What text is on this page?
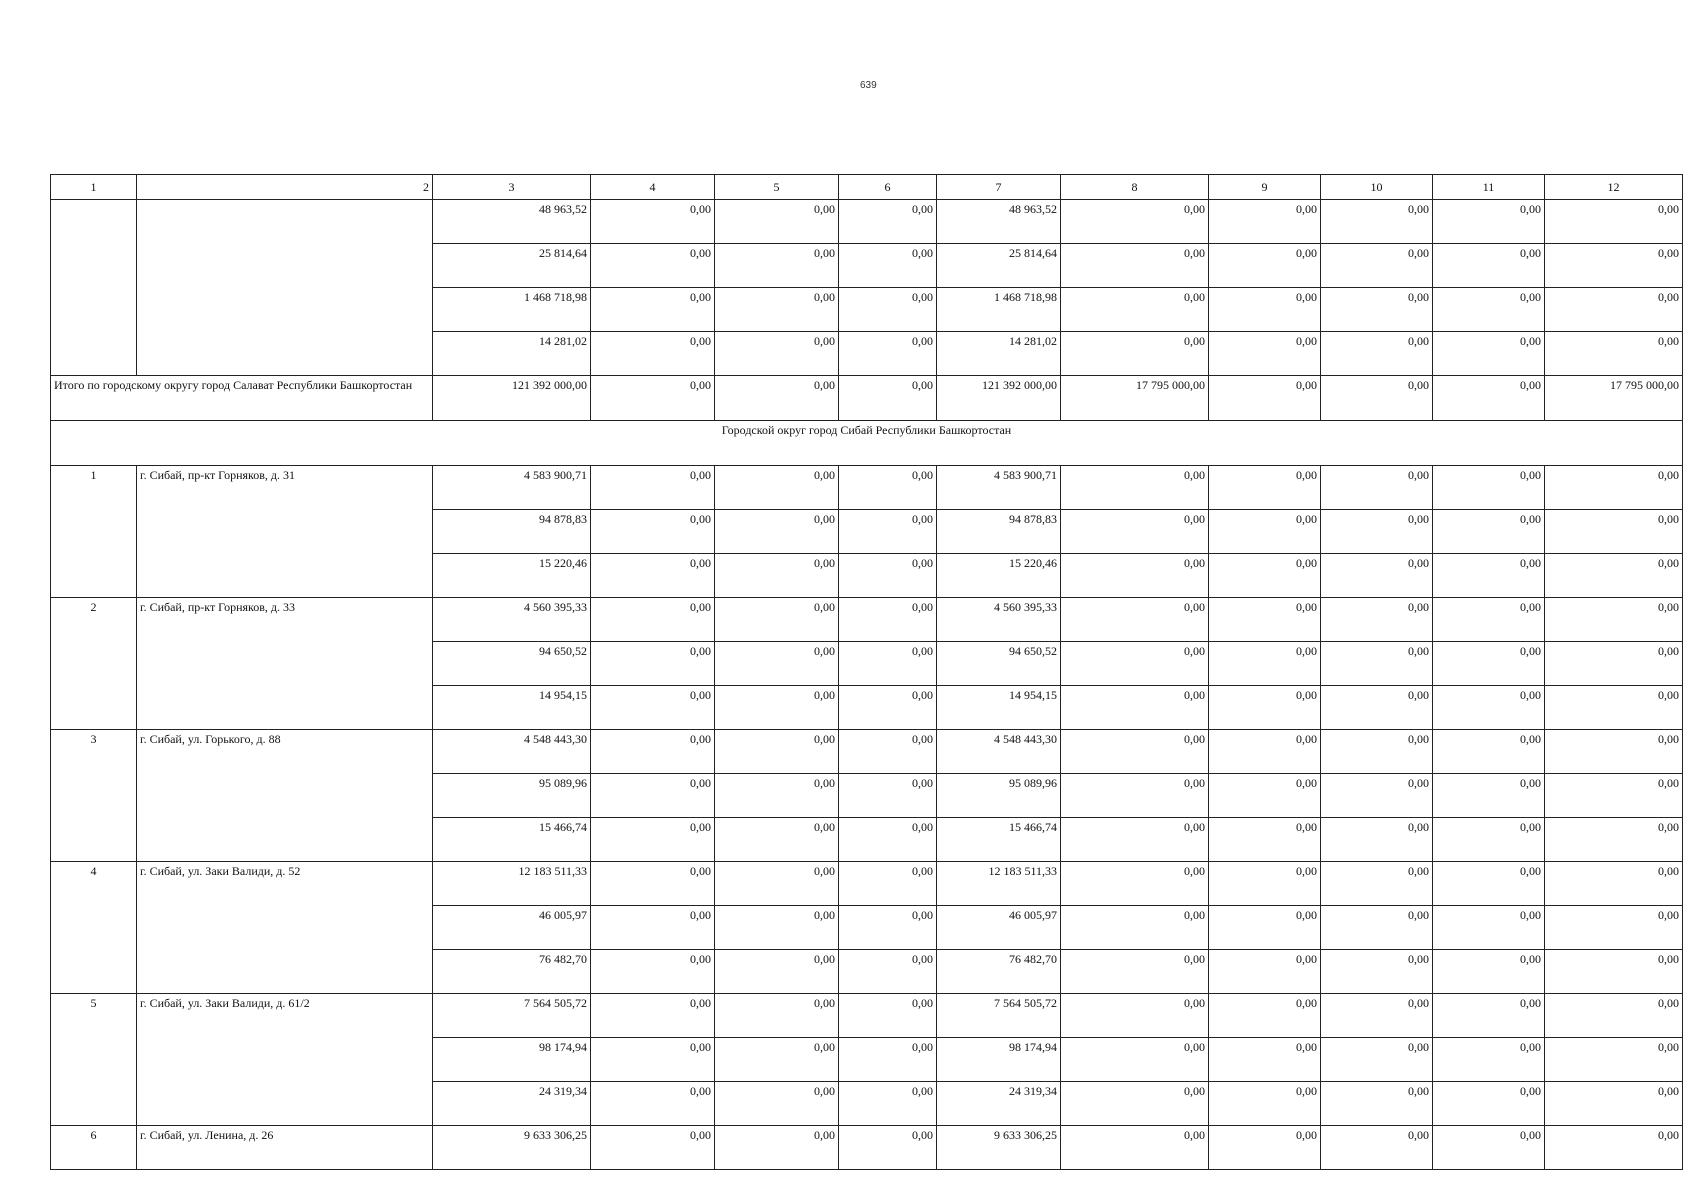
639
1	2	3	4	5	6	7	8	9	10	11	12
		48 963,52	0,00	0,00	0,00	48 963,52	0,00	0,00	0,00	0,00	0,00
		25 814,64	0,00	0,00	0,00	25 814,64	0,00	0,00	0,00	0,00	0,00
		1 468 718,98	0,00	0,00	0,00	1 468 718,98	0,00	0,00	0,00	0,00	0,00
		14 281,02	0,00	0,00	0,00	14 281,02	0,00	0,00	0,00	0,00	0,00
Итого по городскому округу город Салават Республики Башкортостан		121 392 000,00	0,00	0,00	0,00	121 392 000,00	17 795 000,00	0,00	0,00	0,00	17 795 000,00
Городской округ город Сибай Республики Башкортостан											
1	г. Сибай, пр-кт Горняков, д. 31	4 583 900,71	0,00	0,00	0,00	4 583 900,71	0,00	0,00	0,00	0,00	0,00
		94 878,83	0,00	0,00	0,00	94 878,83	0,00	0,00	0,00	0,00	0,00
		15 220,46	0,00	0,00	0,00	15 220,46	0,00	0,00	0,00	0,00	0,00
2	г. Сибай, пр-кт Горняков, д. 33	4 560 395,33	0,00	0,00	0,00	4 560 395,33	0,00	0,00	0,00	0,00	0,00
		94 650,52	0,00	0,00	0,00	94 650,52	0,00	0,00	0,00	0,00	0,00
		14 954,15	0,00	0,00	0,00	14 954,15	0,00	0,00	0,00	0,00	0,00
3	г. Сибай, ул. Горького, д. 88	4 548 443,30	0,00	0,00	0,00	4 548 443,30	0,00	0,00	0,00	0,00	0,00
		95 089,96	0,00	0,00	0,00	95 089,96	0,00	0,00	0,00	0,00	0,00
		15 466,74	0,00	0,00	0,00	15 466,74	0,00	0,00	0,00	0,00	0,00
4	г. Сибай, ул. Заки Валиди, д. 52	12 183 511,33	0,00	0,00	0,00	12 183 511,33	0,00	0,00	0,00	0,00	0,00
		46 005,97	0,00	0,00	0,00	46 005,97	0,00	0,00	0,00	0,00	0,00
		76 482,70	0,00	0,00	0,00	76 482,70	0,00	0,00	0,00	0,00	0,00
5	г. Сибай, ул. Заки Валиди, д. 61/2	7 564 505,72	0,00	0,00	0,00	7 564 505,72	0,00	0,00	0,00	0,00	0,00
		98 174,94	0,00	0,00	0,00	98 174,94	0,00	0,00	0,00	0,00	0,00
		24 319,34	0,00	0,00	0,00	24 319,34	0,00	0,00	0,00	0,00	0,00
6	г. Сибай, ул. Ленина, д. 26	9 633 306,25	0,00	0,00	0,00	9 633 306,25	0,00	0,00	0,00	0,00	0,00
